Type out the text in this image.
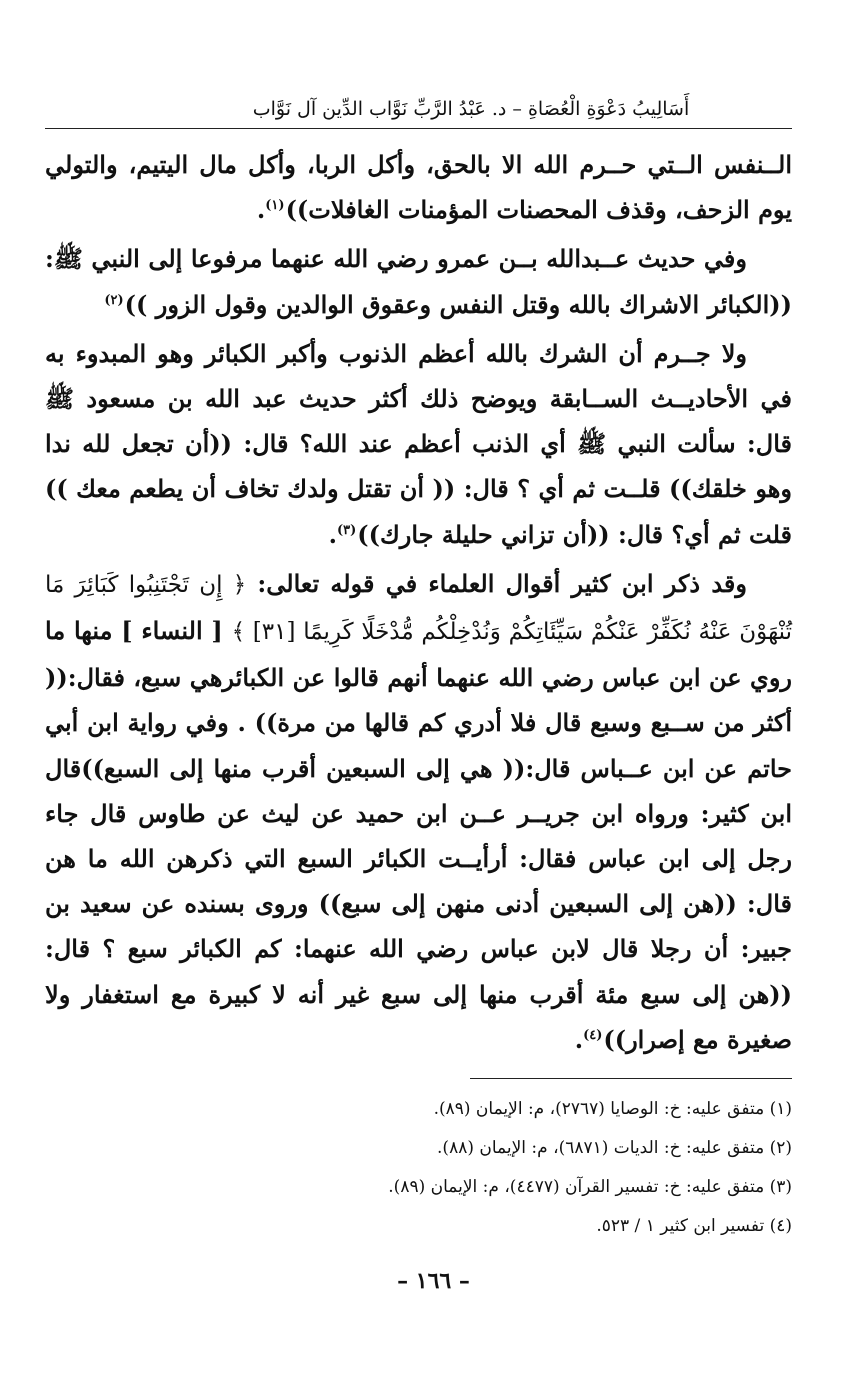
أَسَالِيبُ دَعْوَةِ الْعُصَاةِ – د. عَبْدُ الرَّبِّ نَوَّاب الدِّين آل نَوَّاب

الــنفس الــتي حــرم الله الا بالحق، وأكل الربا، وأكل مال اليتيم، والتولي يوم الزحف، وقذف المحصنات المؤمنات الغافلات))$^{(١)}$.

وفي حديث عــبدالله بــن عمرو رضي الله عنهما مرفوعا إلى النبي ﷺ: ((الكبائر الاشراك بالله وقتل النفس وعقوق الوالدين وقول الزور ))$^{(٢)}$

ولا جــرم أن الشرك بالله أعظم الذنوب وأكبر الكبائر وهو المبدوء به في الأحاديــث الســابقة ويوضح ذلك أكثر حديث عبد الله بن مسعود ﷺ قال: سألت النبي ﷺ أي الذنب أعظم عند الله؟ قال: ((أن تجعل لله ندا وهو خلقك)) قلــت ثم أي ؟ قال: (( أن تقتل ولدك تخاف أن يطعم معك )) قلت ثم أي؟ قال: ((أن تزاني حليلة جارك))$^{(٣)}$.

وقد ذكر ابن كثير أقوال العلماء في قوله تعالى: ﴿ إِن تَجْتَنِبُوا كَبَائِرَ مَا تُنْهَوْنَ عَنْهُ نُكَفِّرْ عَنْكُمْ سَيِّئَاتِكُمْ وَنُدْخِلْكُم مُّدْخَلًا كَرِيمًا [٣١] ﴾ [ النساء ] منها ما روي عن ابن عباس رضي الله عنهما أنهم قالوا عن الكبائرهي سبع، فقال:(( أكثر من ســبع وسبع قال فلا أدري كم قالها من مرة)) . وفي رواية ابن أبي حاتم عن ابن عــباس قال:(( هي إلى السبعين أقرب منها إلى السبع))قال ابن كثير: ورواه ابن جريــر عــن ابن حميد عن ليث عن طاوس قال جاء رجل إلى ابن عباس فقال: أرأيــت الكبائر السبع التي ذكرهن الله ما هن قال: ((هن إلى السبعين أدنى منهن إلى سبع)) وروى بسنده عن سعيد بن جبير: أن رجلا قال لابن عباس رضي الله عنهما: كم الكبائر سبع ؟ قال: ((هن إلى سبع مئة أقرب منها إلى سبع غير أنه لا كبيرة مع استغفار ولا صغيرة مع إصرار))$^{(٤)}$.

(١) متفق عليه: خ: الوصايا (٢٧٦٧)، م: الإيمان (٨٩).
(٢) متفق عليه: خ: الديات (٦٨٧١)، م: الإيمان (٨٨).
(٣) متفق عليه: خ: تفسير القرآن (٤٤٧٧)، م: الإيمان (٨٩).
(٤) تفسير ابن كثير ١ / ٥٢٣.
– ١٦٦ –
